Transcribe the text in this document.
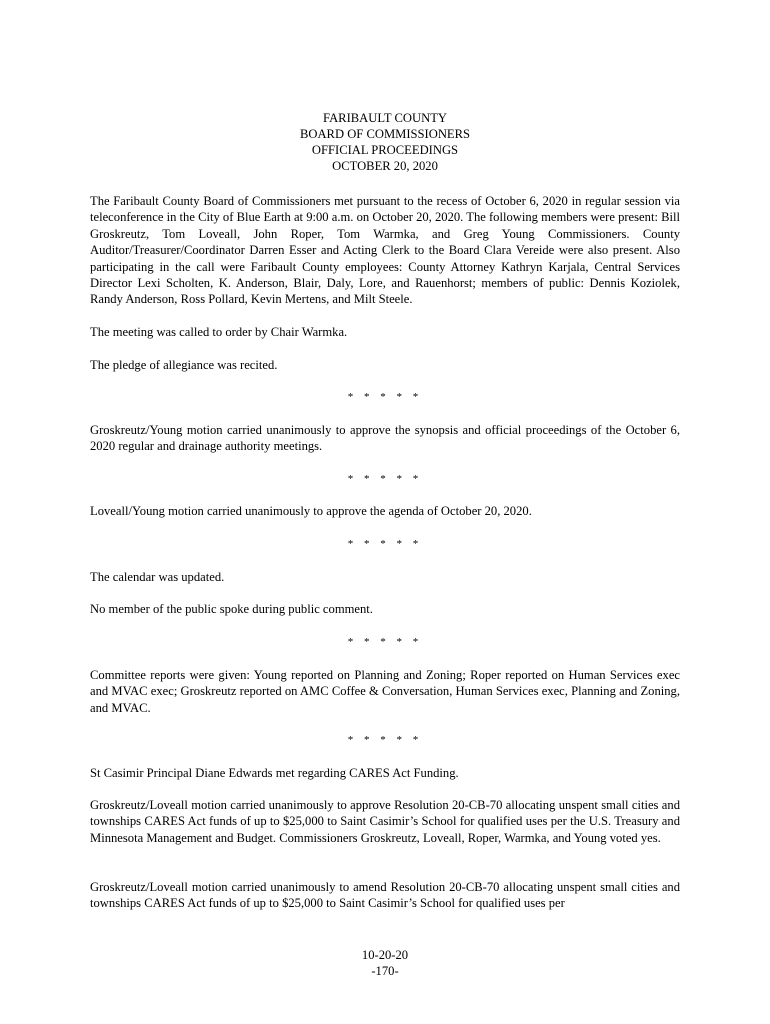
FARIBAULT COUNTY
BOARD OF COMMISSIONERS
OFFICIAL PROCEEDINGS
OCTOBER 20, 2020

The Faribault County Board of Commissioners met pursuant to the recess of October 6, 2020 in regular session via teleconference in the City of Blue Earth at 9:00 a.m. on October 20, 2020. The following members were present: Bill Groskreutz, Tom Loveall, John Roper, Tom Warmka, and Greg Young Commissioners. County Auditor/Treasurer/Coordinator Darren Esser and Acting Clerk to the Board Clara Vereide were also present. Also participating in the call were Faribault County employees: County Attorney Kathryn Karjala, Central Services Director Lexi Scholten, K. Anderson, Blair, Daly, Lore, and Rauenhorst; members of public: Dennis Koziolek, Randy Anderson, Ross Pollard, Kevin Mertens, and Milt Steele.

The meeting was called to order by Chair Warmka.

The pledge of allegiance was recited.

* * * * *

Groskreutz/Young motion carried unanimously to approve the synopsis and official proceedings of the October 6, 2020 regular and drainage authority meetings.

* * * * *

Loveall/Young motion carried unanimously to approve the agenda of October 20, 2020.

* * * * *

The calendar was updated.

No member of the public spoke during public comment.

* * * * *

Committee reports were given: Young reported on Planning and Zoning; Roper reported on Human Services exec and MVAC exec; Groskreutz reported on AMC Coffee & Conversation, Human Services exec, Planning and Zoning, and MVAC.

* * * * *

St Casimir Principal Diane Edwards met regarding CARES Act Funding.

Groskreutz/Loveall motion carried unanimously to approve Resolution 20-CB-70 allocating unspent small cities and townships CARES Act funds of up to $25,000 to Saint Casimir’s School for qualified uses per the U.S. Treasury and Minnesota Management and Budget. Commissioners Groskreutz, Loveall, Roper, Warmka, and Young voted yes.

Groskreutz/Loveall motion carried unanimously to amend Resolution 20-CB-70 allocating unspent small cities and townships CARES Act funds of up to $25,000 to Saint Casimir’s School for qualified uses per

10-20-20
-170-
